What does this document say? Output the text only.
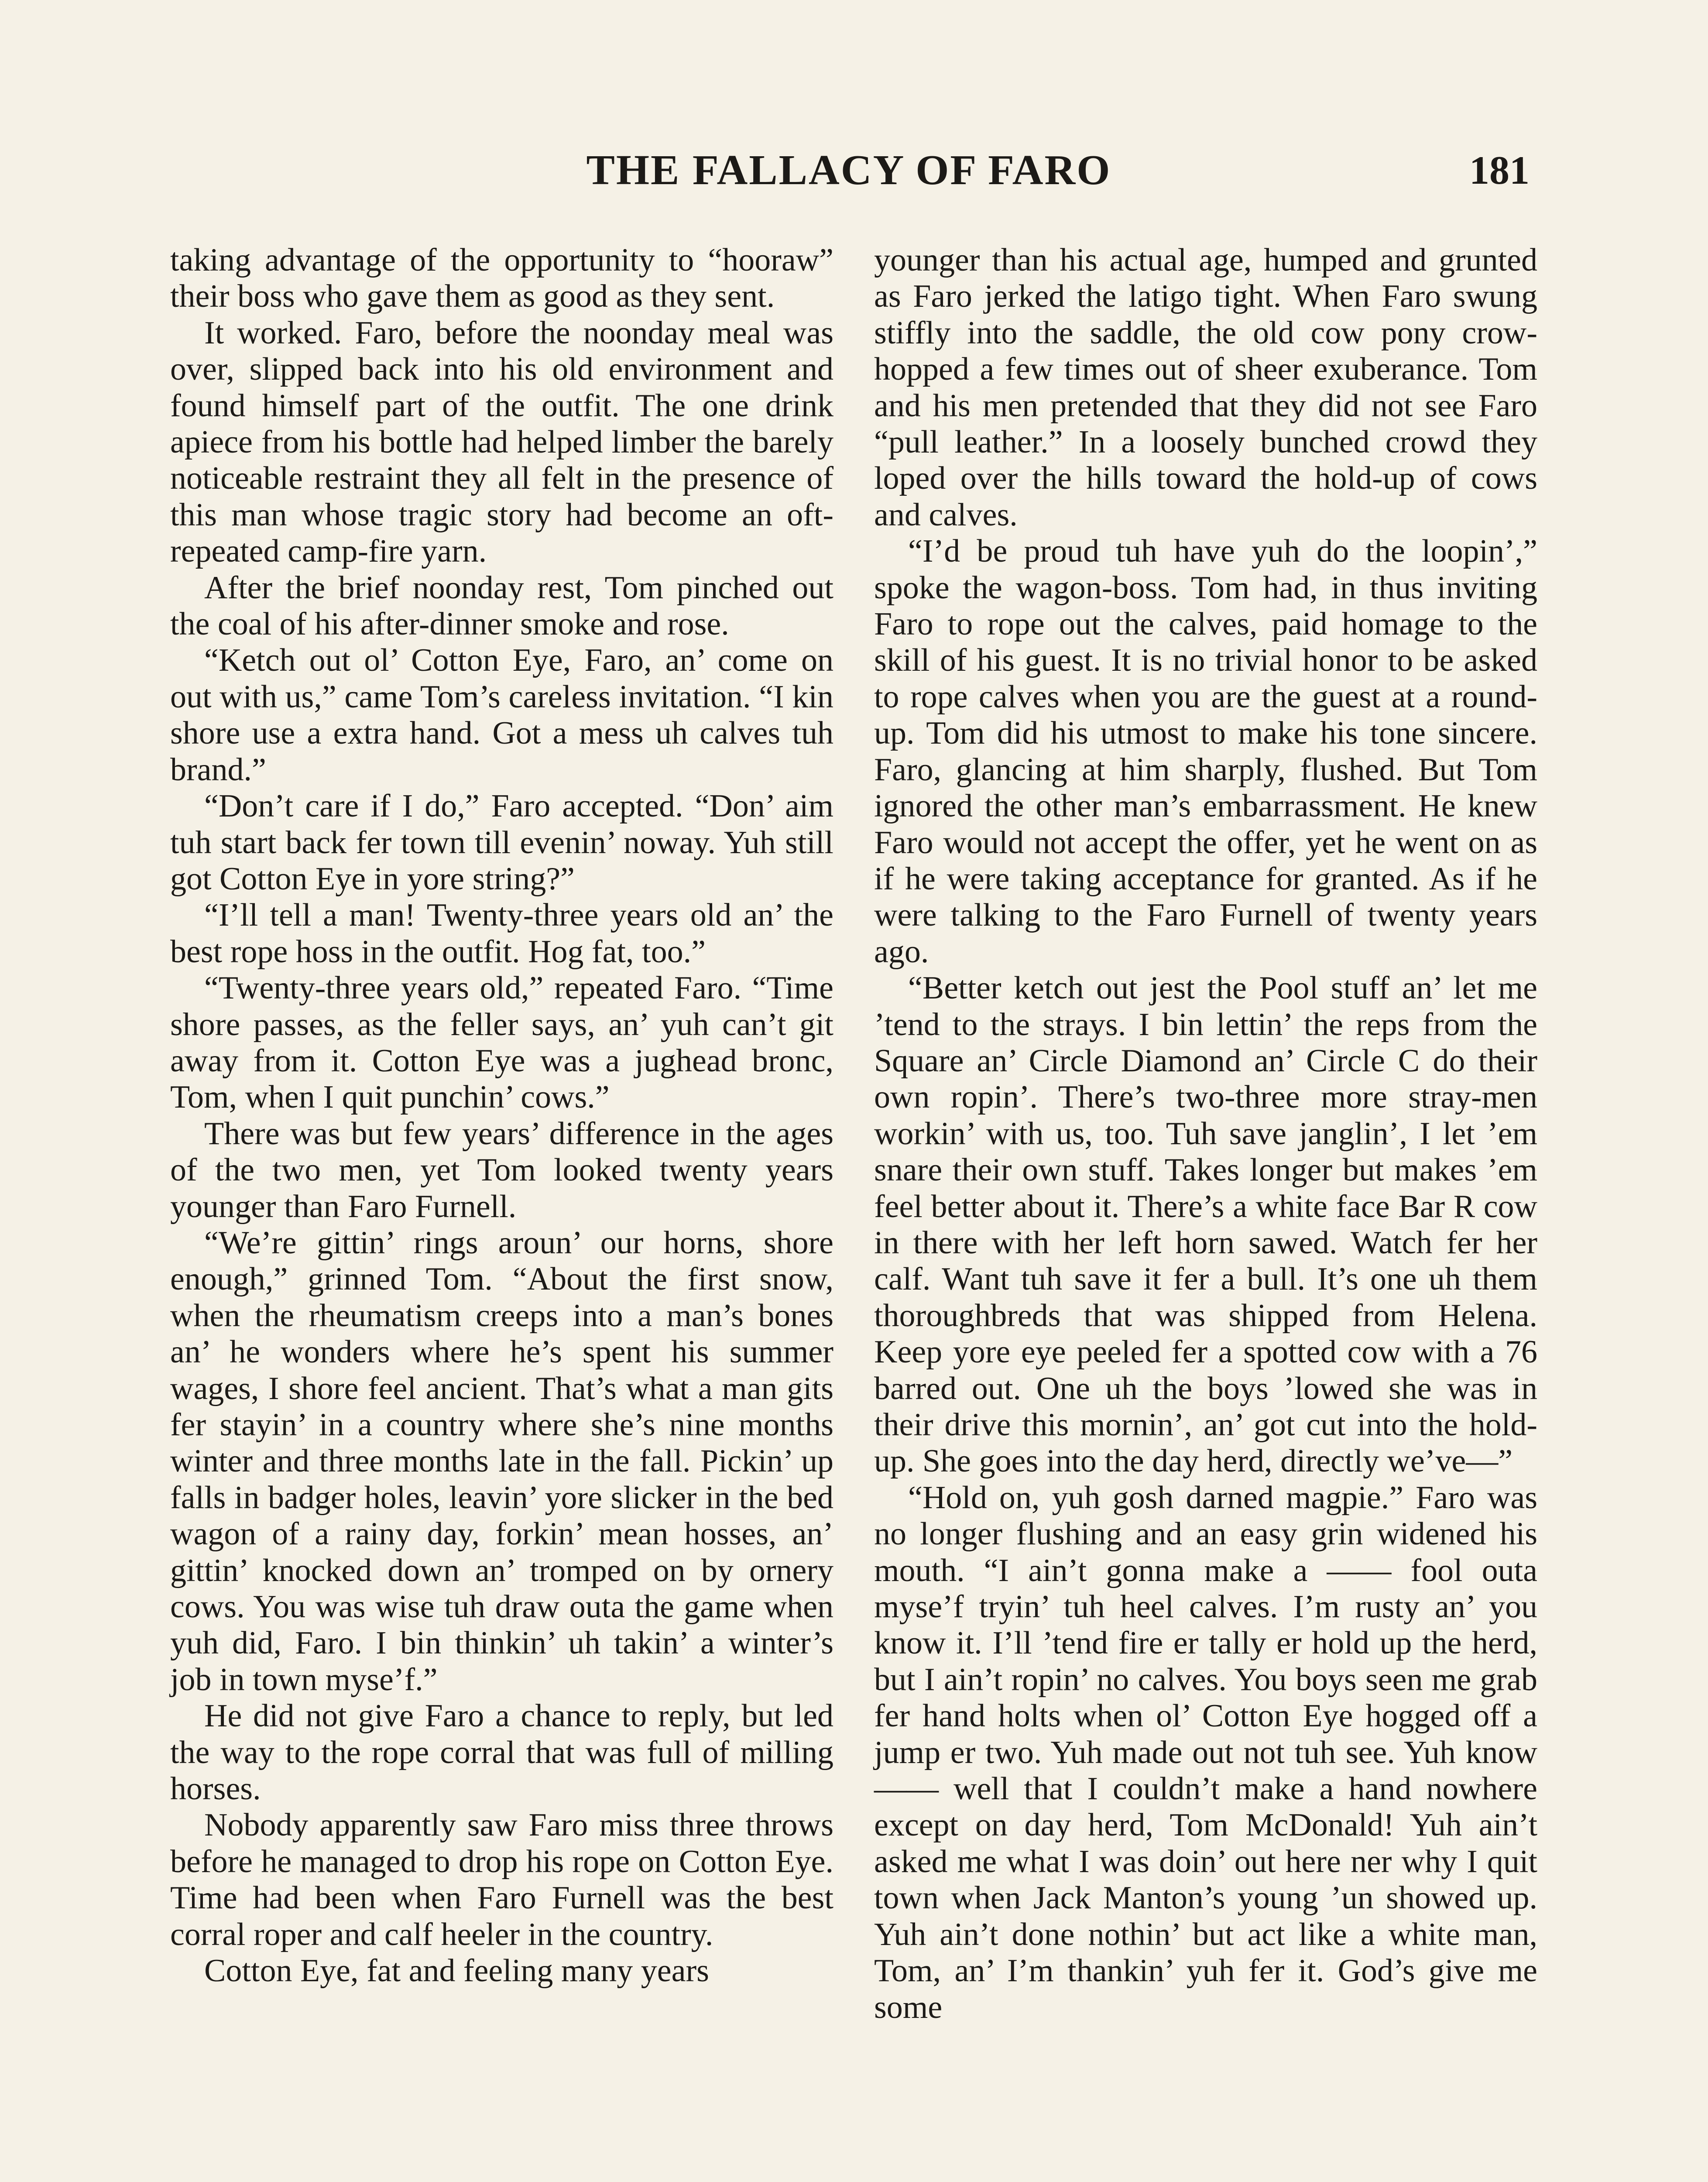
THE FALLACY OF FARO	181

taking advantage of the opportunity to “hooraw” their boss who gave them as good as they sent.

It worked. Faro, before the noonday meal was over, slipped back into his old environment and found himself part of the outfit. The one drink apiece from his bottle had helped limber the barely noticeable restraint they all felt in the presence of this man whose tragic story had become an oft-repeated camp-fire yarn.

After the brief noonday rest, Tom pinched out the coal of his after-dinner smoke and rose.

“Ketch out ol’ Cotton Eye, Faro, an’ come on out with us,” came Tom’s careless invitation. “I kin shore use a extra hand. Got a mess uh calves tuh brand.”

“Don’t care if I do,” Faro accepted. “Don’ aim tuh start back fer town till evenin’ noway. Yuh still got Cotton Eye in yore string?”

“I’ll tell a man! Twenty-three years old an’ the best rope hoss in the outfit. Hog fat, too.”

“Twenty-three years old,” repeated Faro. “Time shore passes, as the feller says, an’ yuh can’t git away from it. Cotton Eye was a jughead bronc, Tom, when I quit punchin’ cows.”

There was but few years’ difference in the ages of the two men, yet Tom looked twenty years younger than Faro Furnell.

“We’re gittin’ rings aroun’ our horns, shore enough,” grinned Tom. “About the first snow, when the rheumatism creeps into a man’s bones an’ he wonders where he’s spent his summer wages, I shore feel ancient. That’s what a man gits fer stayin’ in a country where she’s nine months winter and three months late in the fall. Pickin’ up falls in badger holes, leavin’ yore slicker in the bed wagon of a rainy day, forkin’ mean hosses, an’ gittin’ knocked down an’ tromped on by ornery cows. You was wise tuh draw outa the game when yuh did, Faro. I bin thinkin’ uh takin’ a winter’s job in town myse’f.”

He did not give Faro a chance to reply, but led the way to the rope corral that was full of milling horses.

Nobody apparently saw Faro miss three throws before he managed to drop his rope on Cotton Eye. Time had been when Faro Furnell was the best corral roper and calf heeler in the country.

Cotton Eye, fat and feeling many years

younger than his actual age, humped and grunted as Faro jerked the latigo tight. When Faro swung stiffly into the saddle, the old cow pony crow-hopped a few times out of sheer exuberance. Tom and his men pretended that they did not see Faro “pull leather.” In a loosely bunched crowd they loped over the hills toward the hold-up of cows and calves.

“I’d be proud tuh have yuh do the loopin’,” spoke the wagon-boss. Tom had, in thus inviting Faro to rope out the calves, paid homage to the skill of his guest. It is no trivial honor to be asked to rope calves when you are the guest at a round-up. Tom did his utmost to make his tone sincere. Faro, glancing at him sharply, flushed. But Tom ignored the other man’s embarrassment. He knew Faro would not accept the offer, yet he went on as if he were taking acceptance for granted. As if he were talking to the Faro Furnell of twenty years ago.

“Better ketch out jest the Pool stuff an’ let me ’tend to the strays. I bin lettin’ the reps from the Square an’ Circle Diamond an’ Circle C do their own ropin’. There’s two-three more stray-men workin’ with us, too. Tuh save janglin’, I let ’em snare their own stuff. Takes longer but makes ’em feel better about it. There’s a white face Bar R cow in there with her left horn sawed. Watch fer her calf. Want tuh save it fer a bull. It’s one uh them thoroughbreds that was shipped from Helena. Keep yore eye peeled fer a spotted cow with a 76 barred out. One uh the boys ’lowed she was in their drive this mornin’, an’ got cut into the hold-up. She goes into the day herd, directly we’ve—”

“Hold on, yuh gosh darned magpie.” Faro was no longer flushing and an easy grin widened his mouth. “I ain’t gonna make a —— fool outa myse’f tryin’ tuh heel calves. I’m rusty an’ you know it. I’ll ’tend fire er tally er hold up the herd, but I ain’t ropin’ no calves. You boys seen me grab fer hand holts when ol’ Cotton Eye hogged off a jump er two. Yuh made out not tuh see. Yuh know —— well that I couldn’t make a hand nowhere except on day herd, Tom McDonald! Yuh ain’t asked me what I was doin’ out here ner why I quit town when Jack Manton’s young ’un showed up. Yuh ain’t done nothin’ but act like a white man, Tom, an’ I’m thankin’ yuh fer it. God’s give me some
